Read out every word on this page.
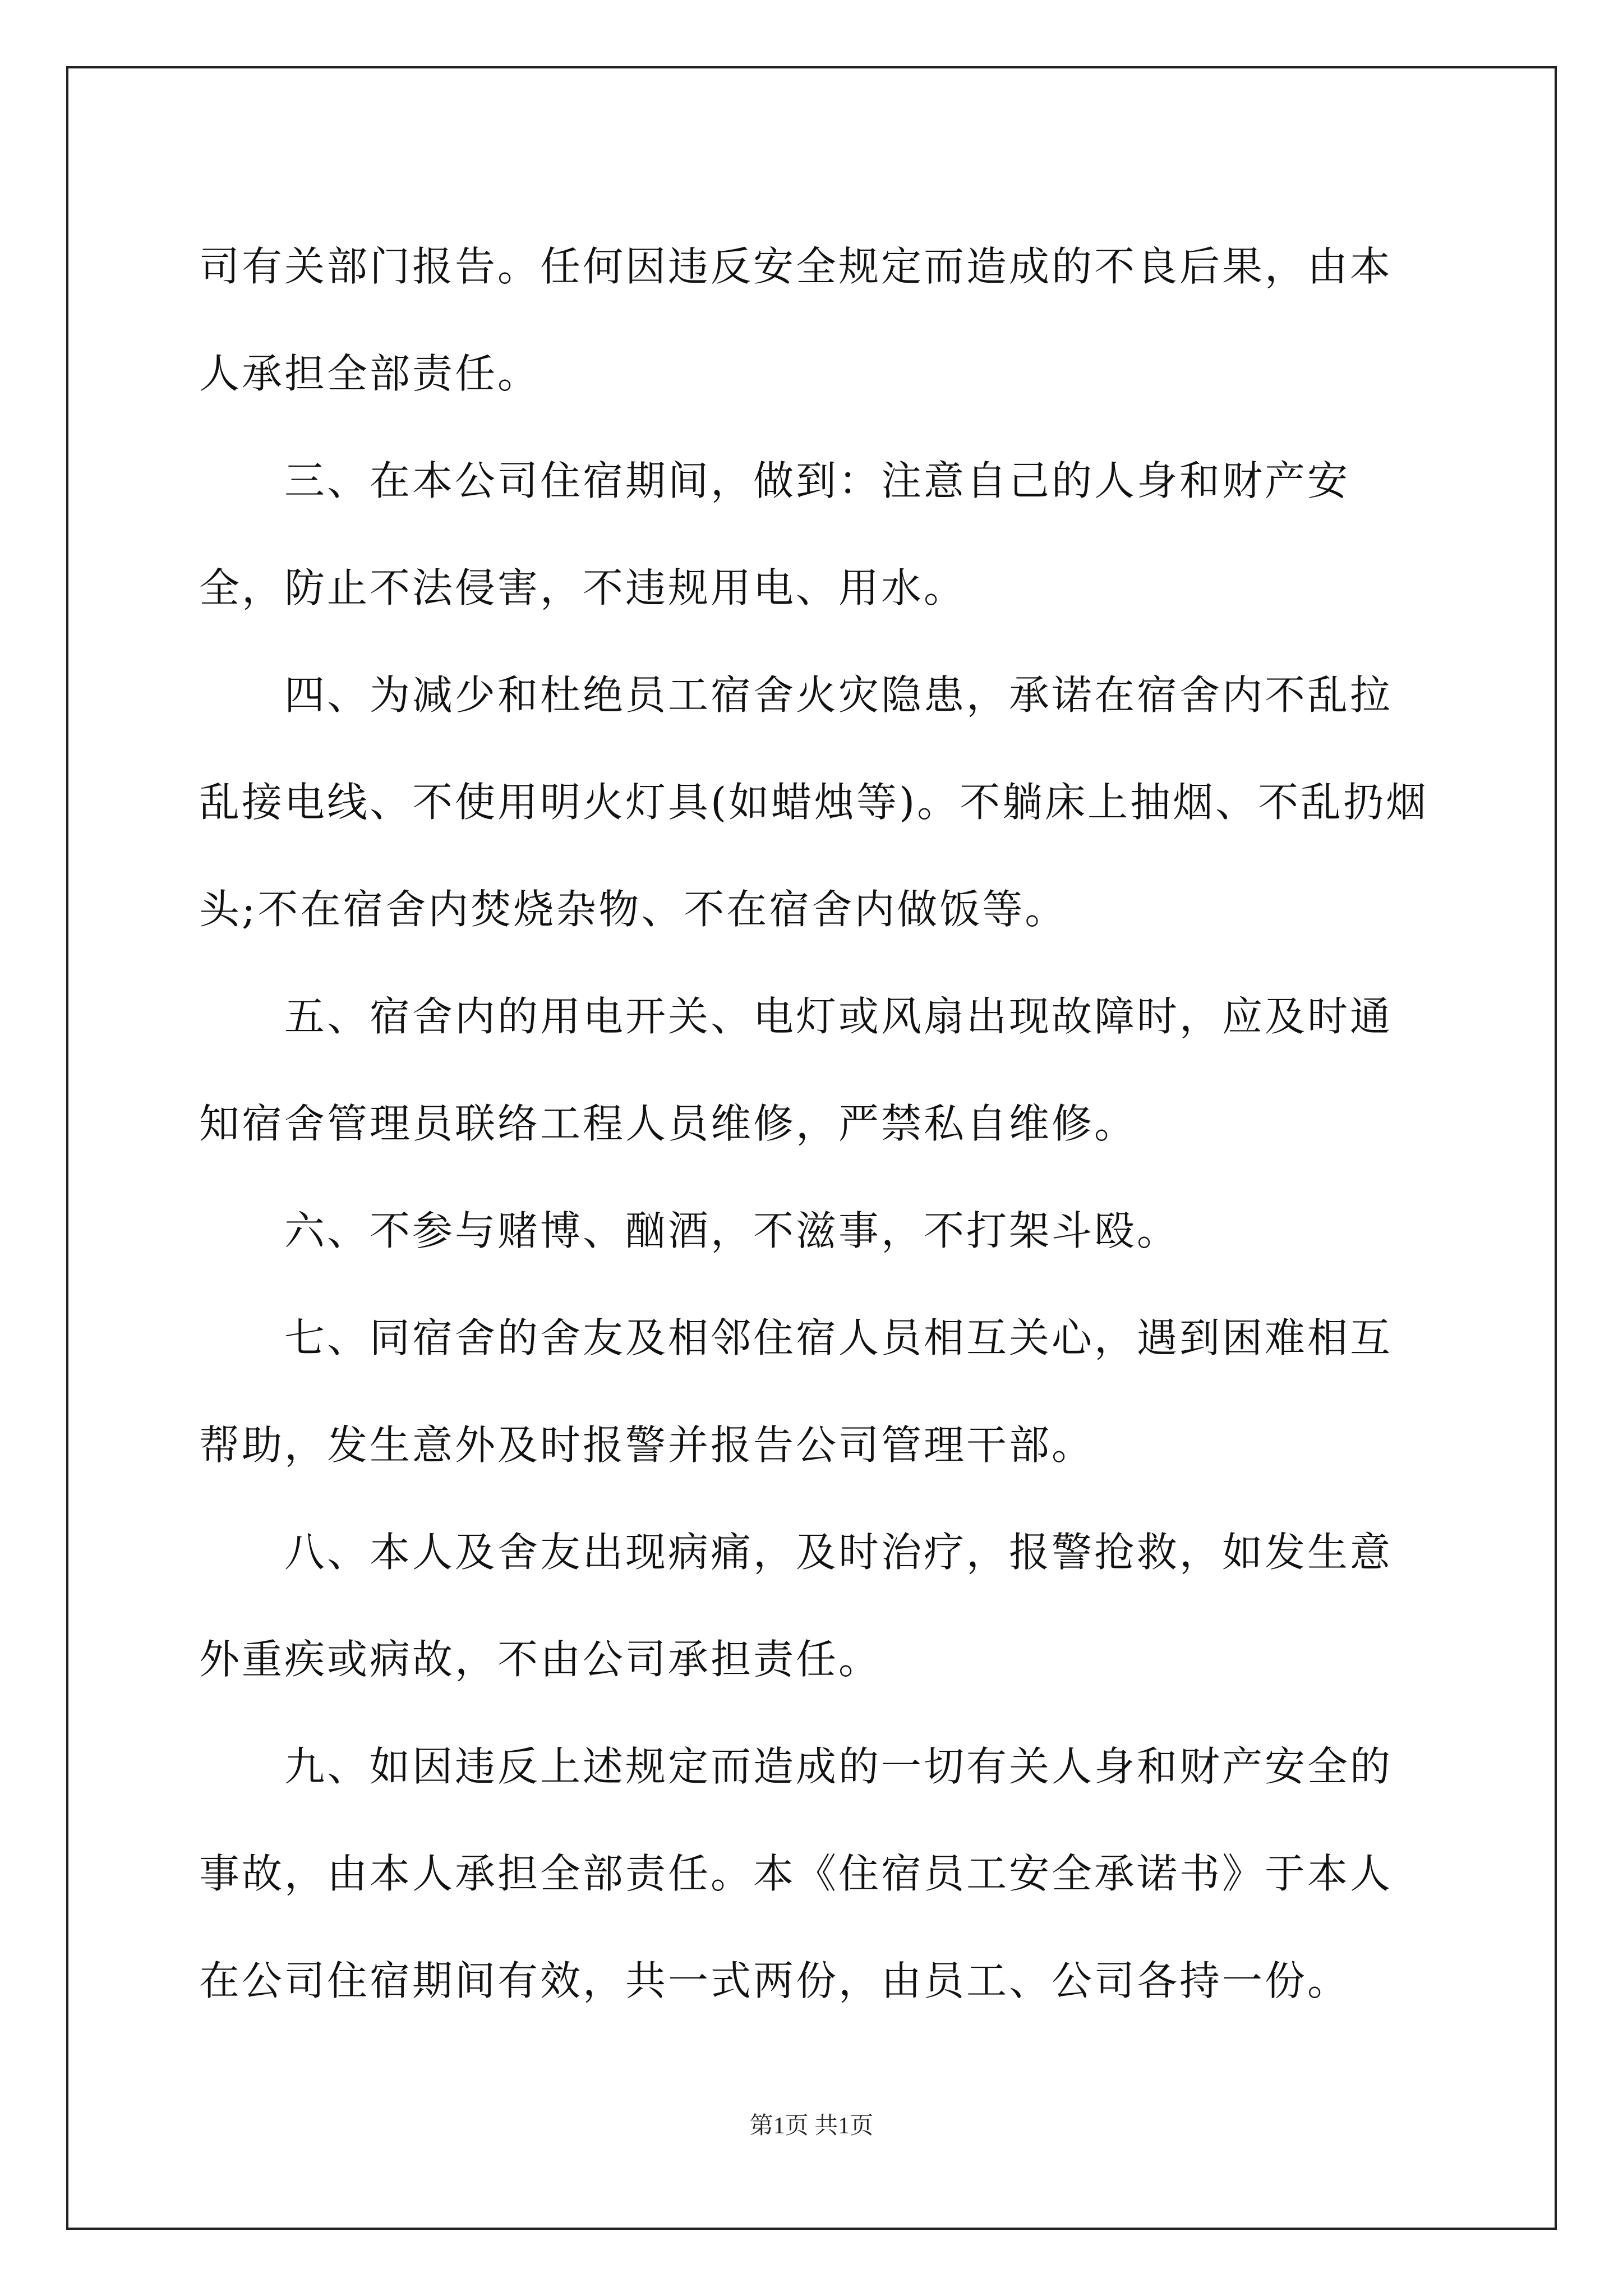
司有关部门报告。任何因违反安全规定而造成的不良后果，由本人承担全部责任。

三、在本公司住宿期间，做到：注意自己的人身和财产安全，防止不法侵害，不违规用电、用水。

四、为减少和杜绝员工宿舍火灾隐患，承诺在宿舍内不乱拉乱接电线、不使用明火灯具(如蜡烛等)。不躺床上抽烟、不乱扔烟头;不在宿舍内焚烧杂物、不在宿舍内做饭等。

五、宿舍内的用电开关、电灯或风扇出现故障时，应及时通知宿舍管理员联络工程人员维修，严禁私自维修。

六、不参与赌博、酗酒，不滋事，不打架斗殴。

七、同宿舍的舍友及相邻住宿人员相互关心，遇到困难相互帮助，发生意外及时报警并报告公司管理干部。

八、本人及舍友出现病痛，及时治疗，报警抢救，如发生意外重疾或病故，不由公司承担责任。

九、如因违反上述规定而造成的一切有关人身和财产安全的事故，由本人承担全部责任。本《住宿员工安全承诺书》于本人在公司住宿期间有效，共一式两份，由员工、公司各持一份。

第1页 共1页
